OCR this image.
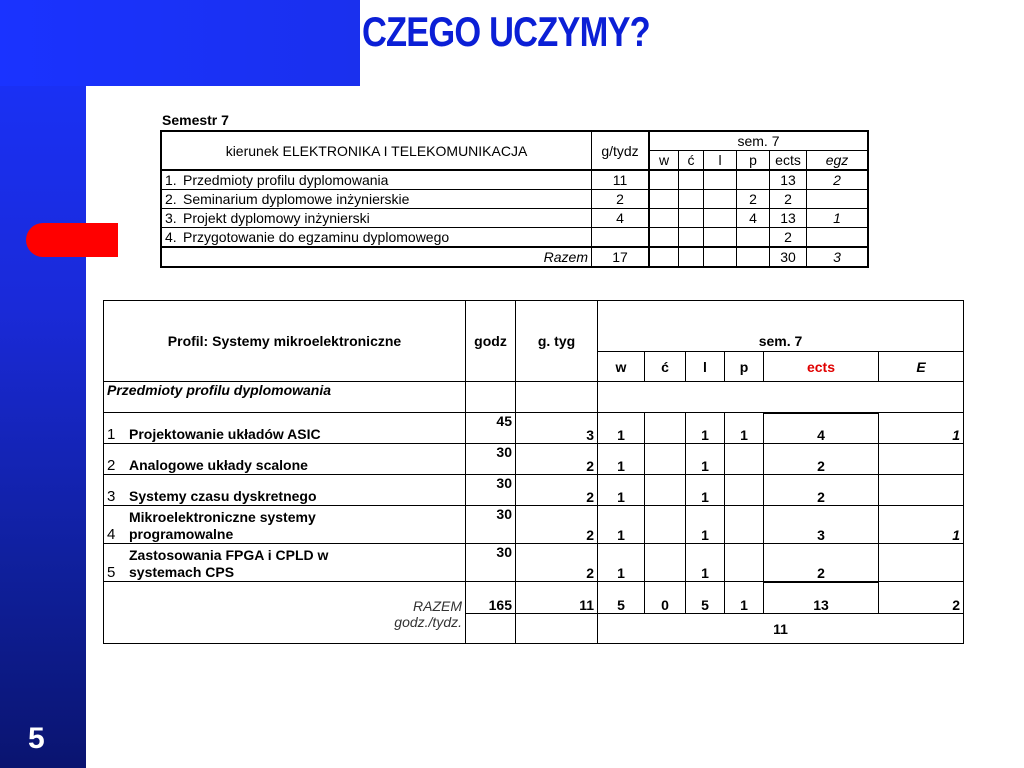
5
CZEGO UCZYMY?
Semestr 7
kierunek ELEKTRONIKA I TELEKOMUNIKACJA	g/tydz	sem. 7					
		w	ć	l	p	ects	egz
1. Przedmioty profilu dyplomowania	11					13	2
2. Seminarium dyplomowe inżynierskie	2				2	2	
3. Projekt dyplomowy inżynierski	4				4	13	1
4. Przygotowanie do egzaminu dyplomowego						2	
Razem	17					30	3
Profil: Systemy mikroelektroniczne	godz	g. tyg	sem. 7					
			w	ć	l	p	ects	E
Przedmioty profilu dyplomowania								
1 Projektowanie układów ASIC	45	3	1		1	1	4	1
2 Analogowe układy scalone	30	2	1		1		2	
3 Systemy czasu dyskretnego	30	2	1		1		2	
4Mikroelektroniczne systemy
programowalne	30	2	1		1		3	1
5Zastosowania FPGA i CPLD w
systemach CPS	30	2	1		1		2	
RAZEM	165	11	5	0	5	1	13	2
godz./tydz.			11					
